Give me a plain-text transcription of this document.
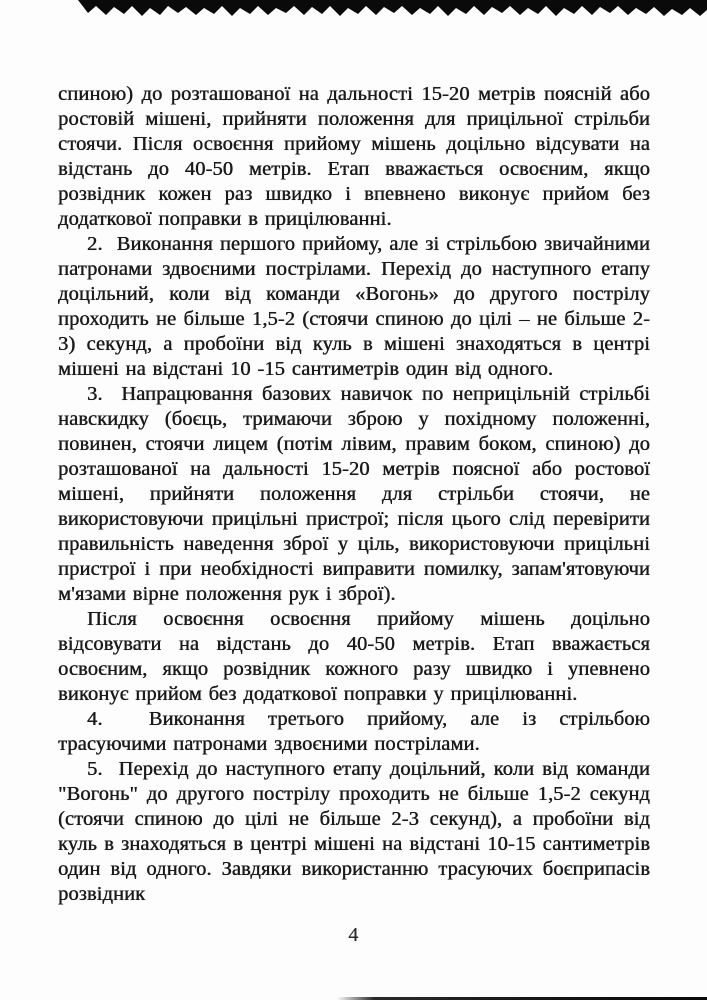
спиною) до розташованої на дальності 15-20 метрів поясній або ростовій мішені, прийняти положення для прицільної стрільби стоячи. Після освоєння прийому мішень доцільно відсувати на відстань до 40-50 метрів. Етап вважається освоєним, якщо розвідник кожен раз швидко і впевнено виконує прийом без додаткової поправки в прицілюванні.

2.  Виконання першого прийому, але зі стрільбою звичайними патронами здвоєними пострілами. Перехід до наступного етапу доцільний, коли від команди «Вогонь» до другого пострілу проходить не більше 1,5-2 (стоячи спиною до цілі – не більше 2-3) секунд, а пробоїни від куль в мішені знаходяться в центрі мішені на відстані 10 -15 сантиметрів один від одного.

3.  Напрацювання базових навичок по неприцільній стрільбі навскидку (боєць, тримаючи зброю у похідному положенні, повинен, стоячи лицем (потім лівим, правим боком, спиною) до розташованої на дальності 15-20 метрів поясної або ростової мішені, прийняти положення для стрільби стоячи, не використовуючи прицільні пристрої; після цього слід перевірити правильність наведення зброї у ціль, використовуючи прицільні пристрої і при необхідності виправити помилку, запам'ятовуючи м'язами вірне положення рук і зброї).

Після освоєння освоєння прийому мішень доцільно відсовувати на відстань до 40-50 метрів. Етап вважається освоєним, якщо розвідник кожного разу швидко і упевнено виконує прийом без додаткової поправки у прицілюванні.

4.  Виконання третього прийому, але із стрільбою трасуючими патронами здвоєними пострілами.

5.  Перехід до наступного етапу доцільний, коли від команди "Вогонь" до другого пострілу проходить не більше 1,5-2 секунд (стоячи спиною до цілі не більше 2-3 секунд), а пробоїни від куль в знаходяться в центрі мішені на відстані 10-15 сантиметрів один від одного. Завдяки використанню трасуючих боєприпасів розвідник

4
